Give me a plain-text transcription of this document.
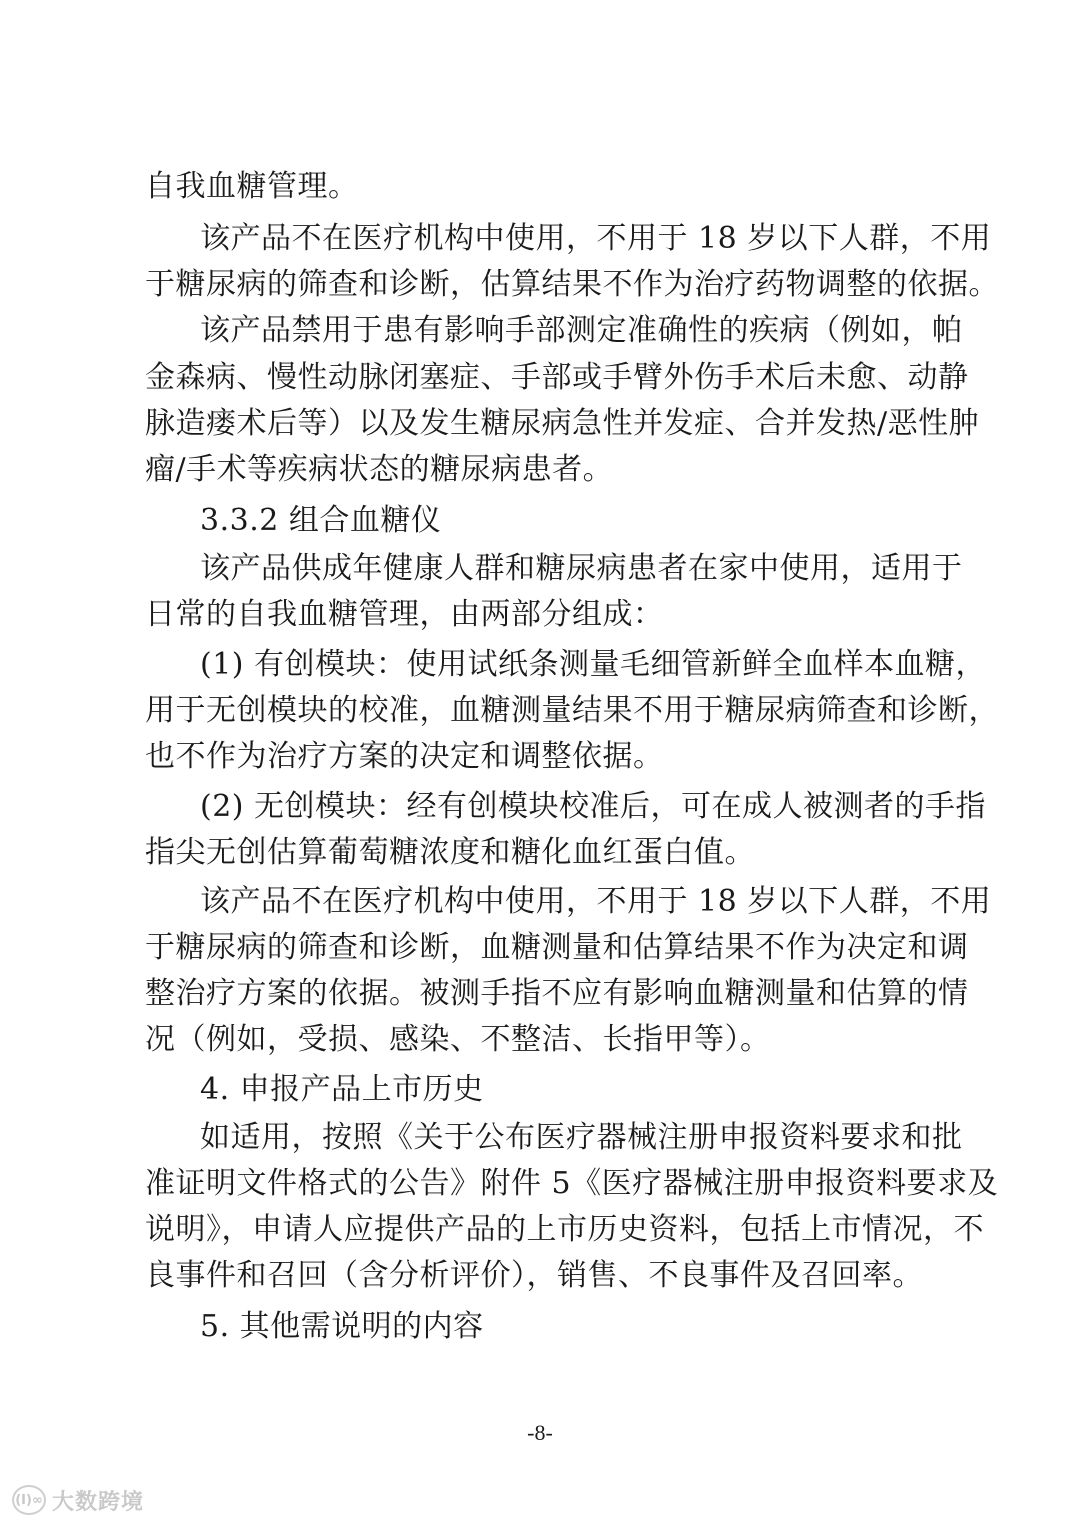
自我血糖管理。
该产品不在医疗机构中使用，不用于 18 岁以下人群，不用
于糖尿病的筛查和诊断，估算结果不作为治疗药物调整的依据。
该产品禁用于患有影响手部测定准确性的疾病（例如，帕
金森病、慢性动脉闭塞症、手部或手臂外伤手术后未愈、动静
脉造瘘术后等）以及发生糖尿病急性并发症、合并发热/恶性肿
瘤/手术等疾病状态的糖尿病患者。
3.3.2 组合血糖仪
该产品供成年健康人群和糖尿病患者在家中使用，适用于
日常的自我血糖管理，由两部分组成：
(1) 有创模块：使用试纸条测量毛细管新鲜全血样本血糖，
用于无创模块的校准，血糖测量结果不用于糖尿病筛查和诊断，
也不作为治疗方案的决定和调整依据。
(2) 无创模块：经有创模块校准后，可在成人被测者的手指
指尖无创估算葡萄糖浓度和糖化血红蛋白值。
该产品不在医疗机构中使用，不用于 18 岁以下人群，不用
于糖尿病的筛查和诊断，血糖测量和估算结果不作为决定和调
整治疗方案的依据。被测手指不应有影响血糖测量和估算的情
况（例如，受损、感染、不整洁、长指甲等）。
4. 申报产品上市历史
如适用，按照《关于公布医疗器械注册申报资料要求和批
准证明文件格式的公告》附件 5《医疗器械注册申报资料要求及
说明》，申请人应提供产品的上市历史资料，包括上市情况，不
良事件和召回（含分析评价），销售、不良事件及召回率。
5. 其他需说明的内容
-8-
(I)∞ 大数跨境
